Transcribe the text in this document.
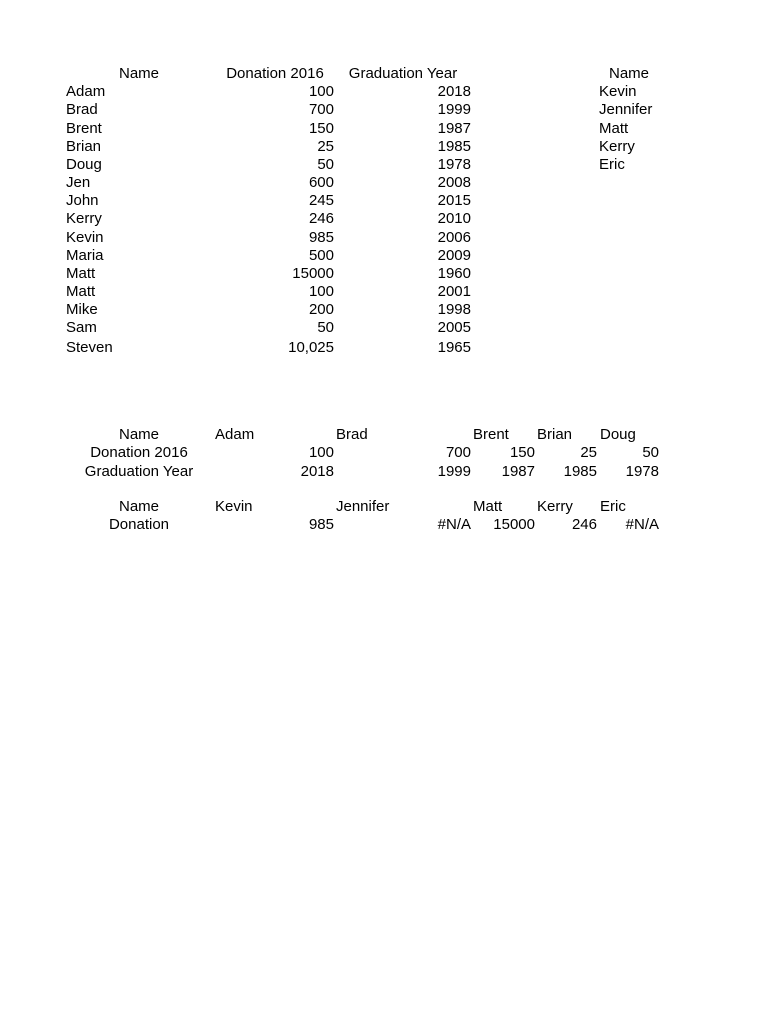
Name	Donation 2016	Graduation Year
Adam	100	2018
Brad	700	1999
Brent	150	1987
Brian	25	1985
Doug	50	1978
Jen	600	2008
John	245	2015
Kerry	246	2010
Kevin	985	2006
Maria	500	2009
Matt	15000	1960
Matt	100	2001
Mike	200	1998
Sam	50	2005
Steven	10,025	1965
Name
Kevin
Jennifer
Matt
Kerry
Eric
Name	Adam	Brad	Brent	Brian	Doug
Donation 2016	100	700	150	25	50
Graduation Year	2018	1999	1987	1985	1978
Name	Kevin	Jennifer	Matt	Kerry	Eric
Donation	985	#N/A	15000	246	#N/A
